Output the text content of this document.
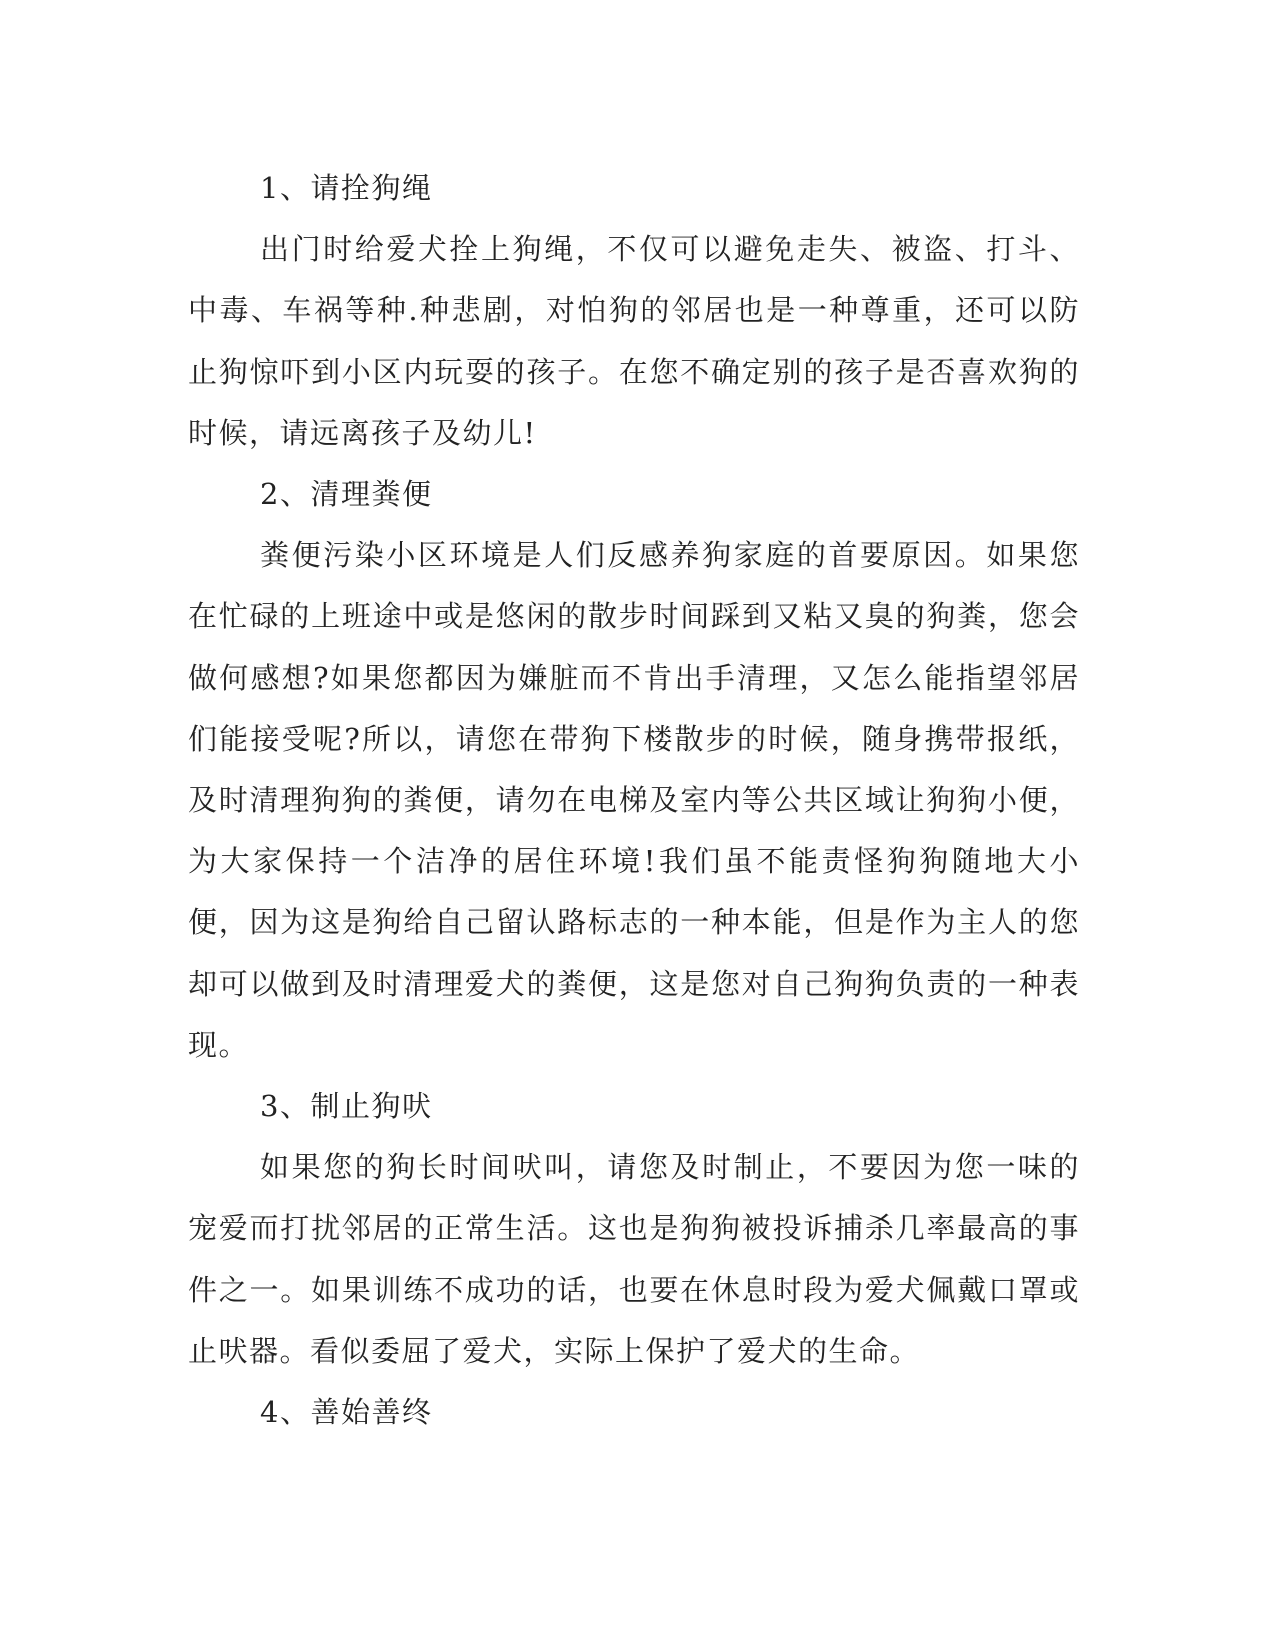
1、请拴狗绳

出门时给爱犬拴上狗绳，不仅可以避免走失、被盗、打斗、中毒、车祸等种.种悲剧，对怕狗的邻居也是一种尊重，还可以防止狗惊吓到小区内玩耍的孩子。在您不确定别的孩子是否喜欢狗的时候，请远离孩子及幼儿!

2、清理粪便

粪便污染小区环境是人们反感养狗家庭的首要原因。如果您在忙碌的上班途中或是悠闲的散步时间踩到又粘又臭的狗粪，您会做何感想?如果您都因为嫌脏而不肯出手清理，又怎么能指望邻居们能接受呢?所以，请您在带狗下楼散步的时候，随身携带报纸，及时清理狗狗的粪便，请勿在电梯及室内等公共区域让狗狗小便，为大家保持一个洁净的居住环境!我们虽不能责怪狗狗随地大小便，因为这是狗给自己留认路标志的一种本能，但是作为主人的您却可以做到及时清理爱犬的粪便，这是您对自己狗狗负责的一种表现。

3、制止狗吠

如果您的狗长时间吠叫，请您及时制止，不要因为您一味的宠爱而打扰邻居的正常生活。这也是狗狗被投诉捕杀几率最高的事件之一。如果训练不成功的话，也要在休息时段为爱犬佩戴口罩或止吠器。看似委屈了爱犬，实际上保护了爱犬的生命。

4、善始善终
